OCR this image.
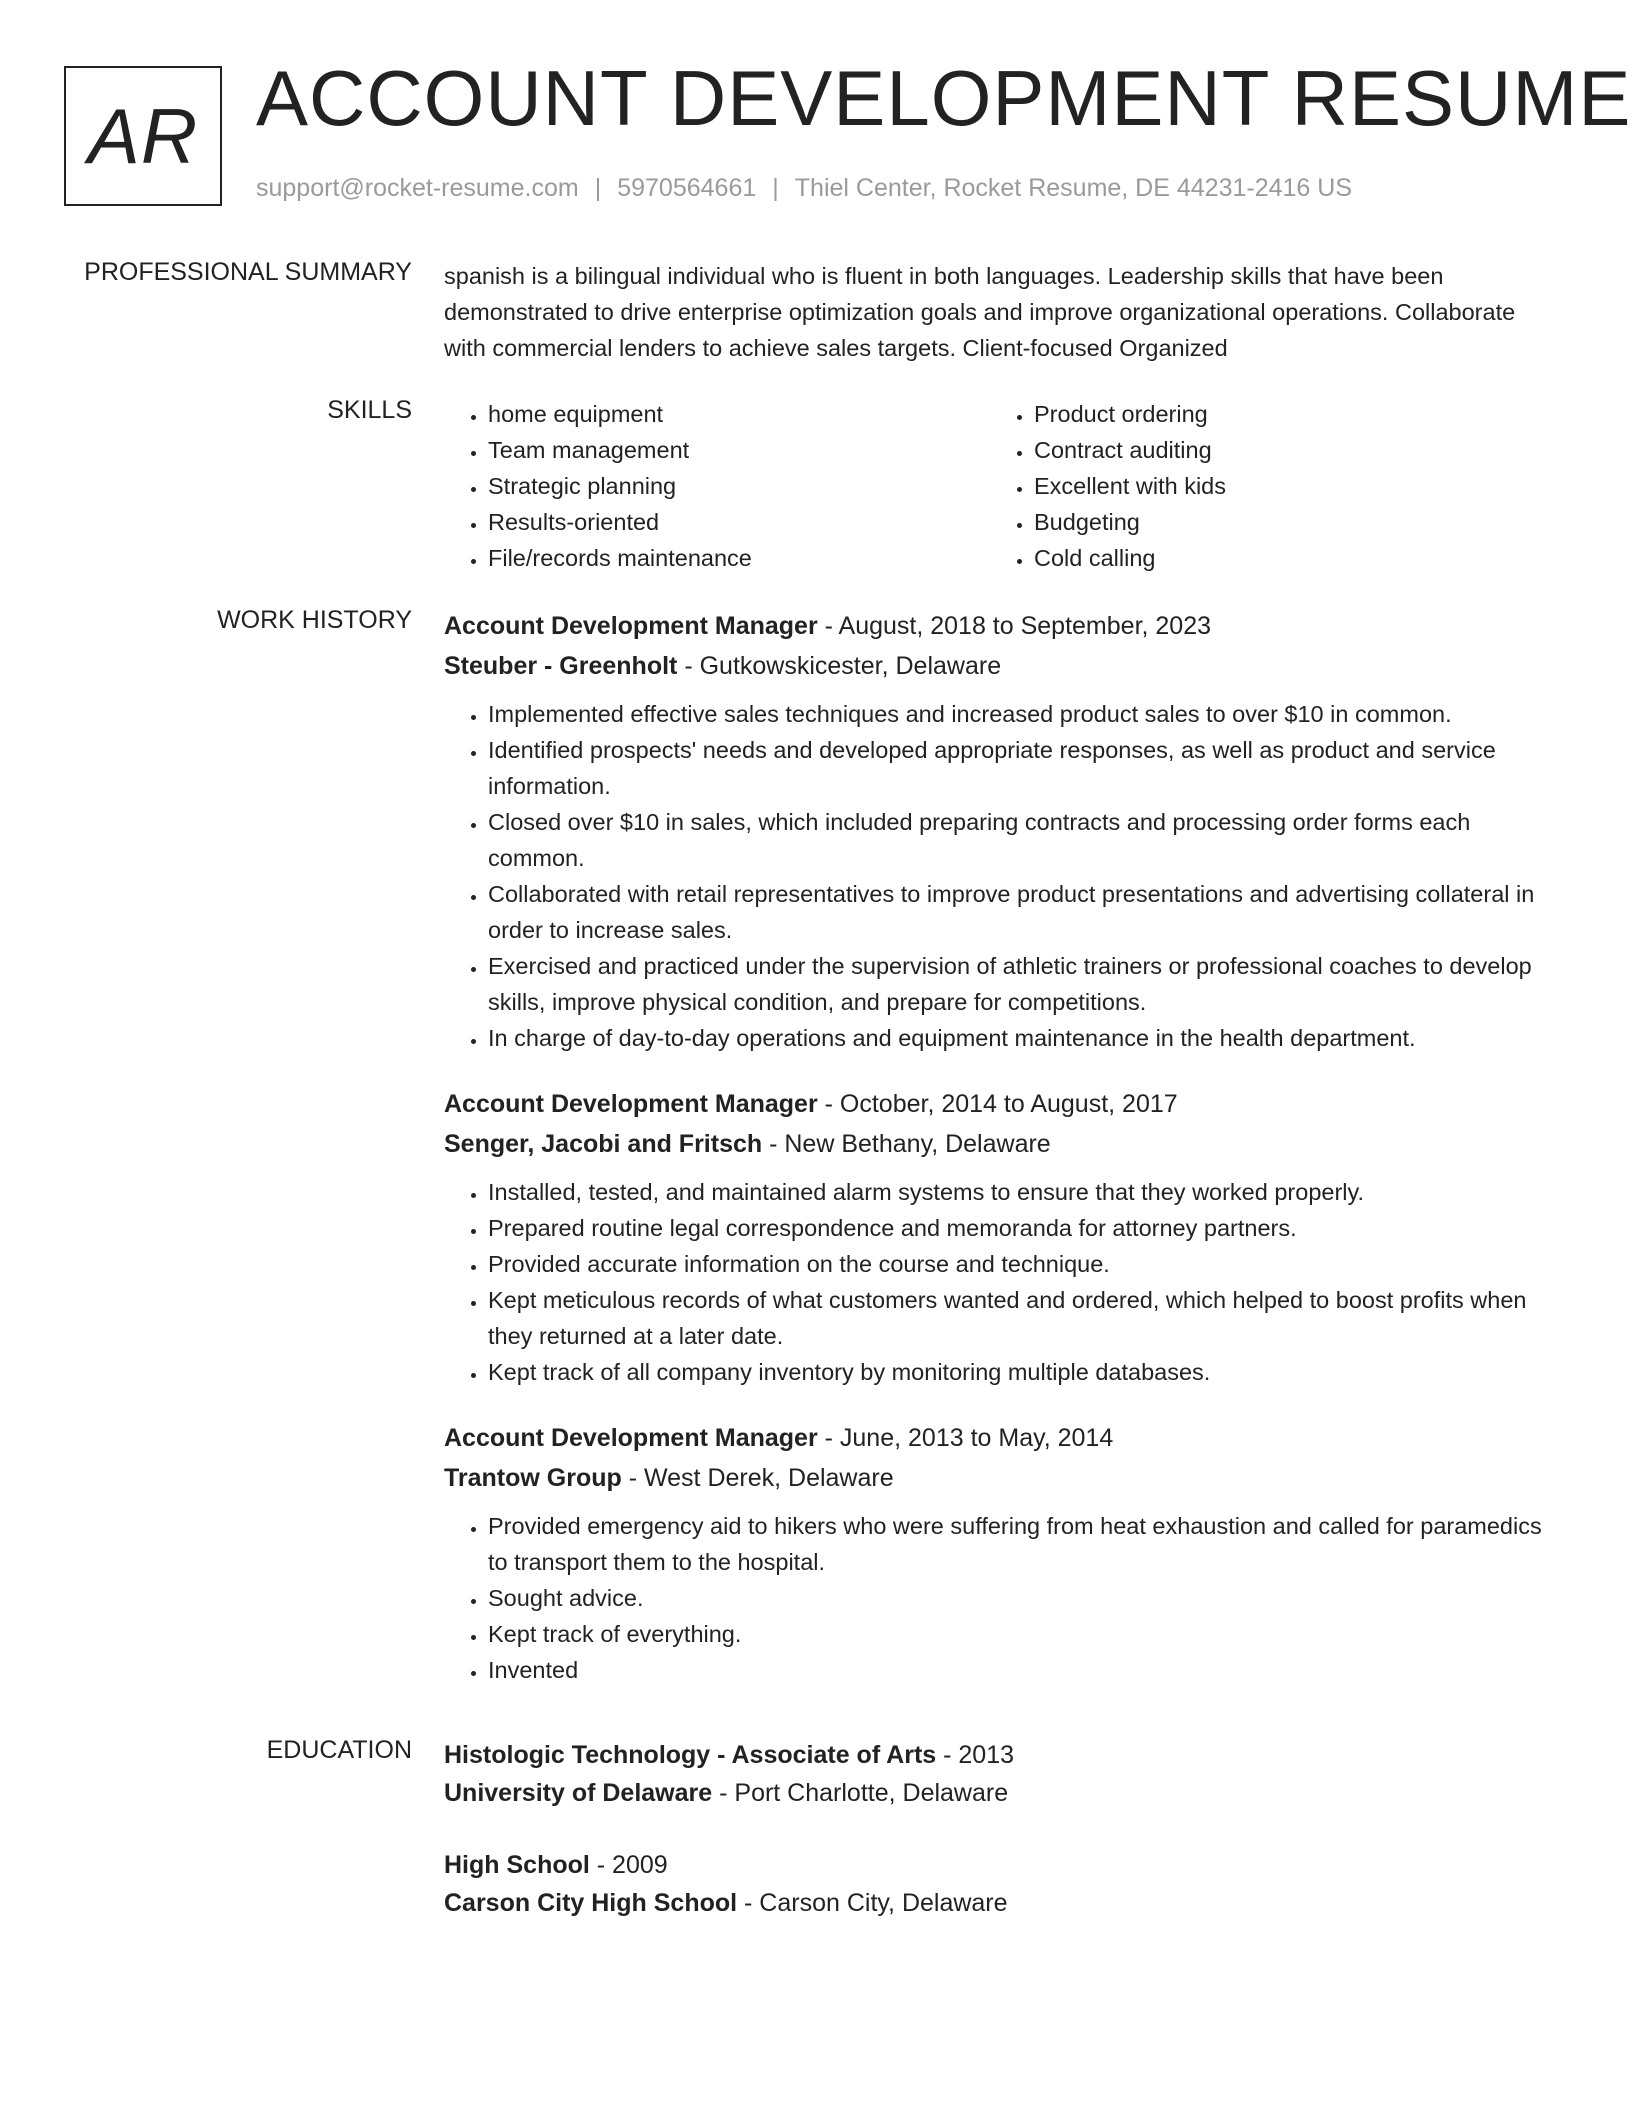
AR ACCOUNT DEVELOPMENT RESUME
support@rocket-resume.com | 5970564661 | Thiel Center, Rocket Resume, DE 44231-2416 US
PROFESSIONAL SUMMARY spanish is a bilingual individual who is fluent in both languages. Leadership skills that have been demonstrated to drive enterprise optimization goals and improve organizational operations. Collaborate with commercial lenders to achieve sales targets. Client-focused Organized

SKILLS
•	home equipment
• Team management
• Strategic planning
• Results-oriented
• File/records maintenance
• Product ordering
• Contract auditing
• Excellent with kids
• Budgeting
• Cold calling
WORK HISTORY Account Development Manager - August, 2018 to September, 2023
Steuber - Greenholt - Gutkowskicester, Delaware
• Implemented effective sales techniques and increased product sales to over $10 in common.
• Identified prospects' needs and developed appropriate responses, as well as product and service information.
• Closed over $10 in sales, which included preparing contracts and processing order forms each common.
• Collaborated with retail representatives to improve product presentations and advertising collateral in order to increase sales.
• Exercised and practiced under the supervision of athletic trainers or professional coaches to develop skills, improve physical condition, and prepare for competitions.
• In charge of day-to-day operations and equipment maintenance in the health department.
Account Development Manager - October, 2014 to August, 2017
Senger, Jacobi and Fritsch - New Bethany, Delaware
• Installed, tested, and maintained alarm systems to ensure that they worked properly.
• Prepared routine legal correspondence and memoranda for attorney partners.
• Provided accurate information on the course and technique.
• Kept meticulous records of what customers wanted and ordered, which helped to boost profits when they returned at a later date.
• Kept track of all company inventory by monitoring multiple databases.
Account Development Manager - June, 2013 to May, 2014
Trantow Group - West Derek, Delaware
• Provided emergency aid to hikers who were suffering from heat exhaustion and called for paramedics to transport them to the hospital.
• Sought advice.
• Kept track of everything.
• Invented
EDUCATION Histologic Technology - Associate of Arts - 2013
University of Delaware - Port Charlotte, Delaware
High School - 2009
Carson City High School - Carson City, Delaware
